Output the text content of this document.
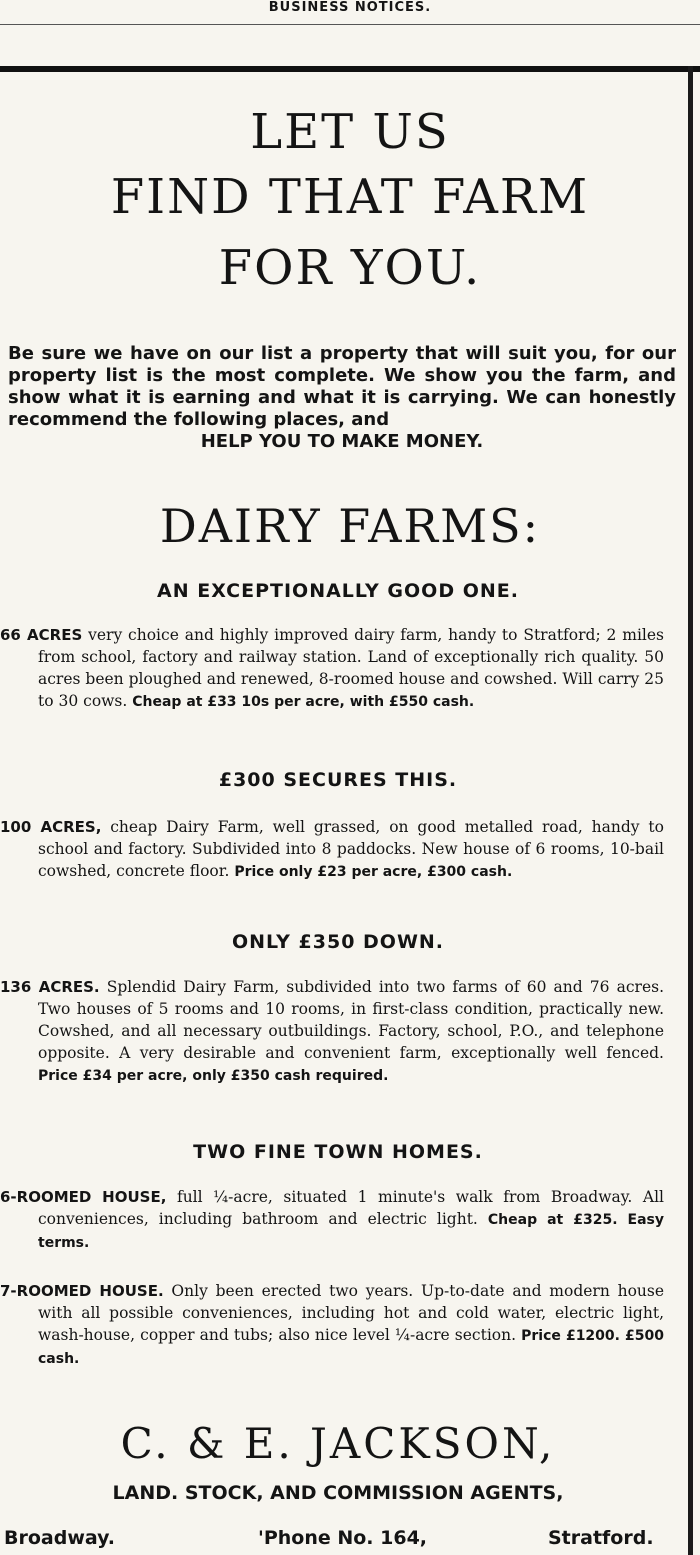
BUSINESS NOTICES.
LET US
FIND THAT FARM
FOR YOU.
Be sure we have on our list a property that will suit you, for our property list is the most complete. We show you the farm, and show what it is earning and what it is carrying. We can honestly recommend the following places, and
HELP YOU TO MAKE MONEY.
DAIRY FARMS:
AN EXCEPTIONALLY GOOD ONE.
66 ACRES very choice and highly improved dairy farm, handy to Stratford; 2 miles from school, factory and railway station. Land of exceptionally rich quality. 50 acres been ploughed and renewed, 8-roomed house and cowshed. Will carry 25 to 30 cows. Cheap at £33 10s per acre, with £550 cash.
£300 SECURES THIS.
100 ACRES, cheap Dairy Farm, well grassed, on good metalled road, handy to school and factory. Subdivided into 8 paddocks. New house of 6 rooms, 10-bail cowshed, concrete floor. Price only £23 per acre, £300 cash.
ONLY £350 DOWN.
136 ACRES. Splendid Dairy Farm, subdivided into two farms of 60 and 76 acres. Two houses of 5 rooms and 10 rooms, in first-class condition, practically new. Cowshed, and all necessary outbuildings. Factory, school, P.O., and telephone opposite. A very desirable and convenient farm, exceptionally well fenced. Price £34 per acre, only £350 cash required.
TWO FINE TOWN HOMES.
6-ROOMED HOUSE, full ¼-acre, situated 1 minute's walk from Broadway. All conveniences, including bathroom and electric light. Cheap at £325. Easy terms.
7-ROOMED HOUSE. Only been erected two years. Up-to-date and modern house with all possible conveniences, including hot and cold water, electric light, wash-house, copper and tubs; also nice level ¼-acre section. Price £1200. £500 cash.
C. & E. JACKSON,
LAND. STOCK, AND COMMISSION AGENTS,
Broadway.	'Phone No. 164,	Stratford.
